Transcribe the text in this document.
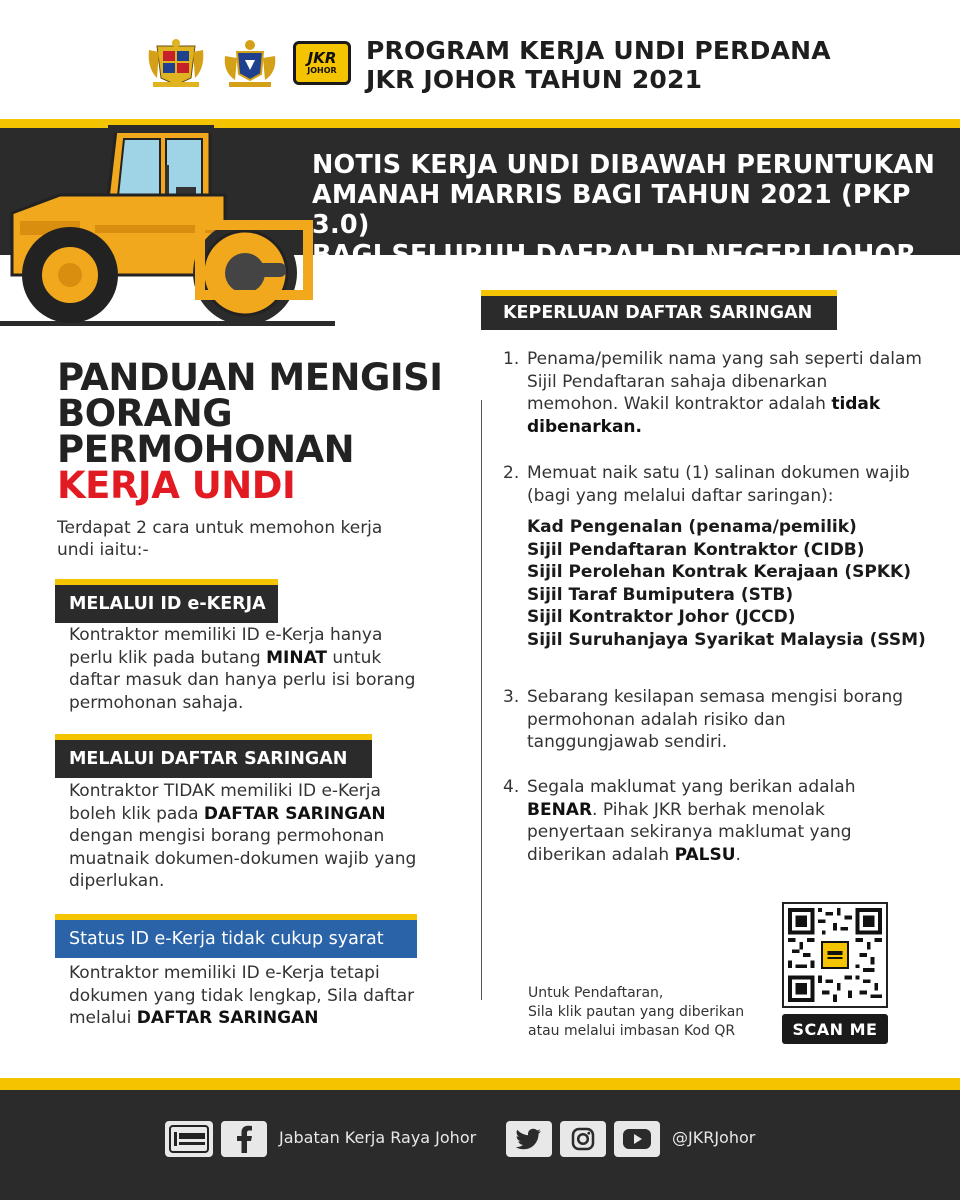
JKR
JOHOR
PROGRAM KERJA UNDI PERDANA
JKR JOHOR TAHUN 2021
NOTIS KERJA UNDI DIBAWAH PERUNTUKAN
AMANAH MARRIS BAGI TAHUN 2021 (PKP 3.0)
BAGI SELURUH DAERAH DI NEGERI JOHOR
PANDUAN MENGISI
BORANG
PERMOHONAN
KERJA UNDI
Terdapat 2 cara untuk memohon kerja undi iaitu:-
MELALUI ID e-KERJA
Kontraktor memiliki ID e-Kerja hanya perlu klik pada butang MINAT untuk daftar masuk dan hanya perlu isi borang permohonan sahaja.
MELALUI DAFTAR SARINGAN
Kontraktor TIDAK memiliki ID e-Kerja boleh klik pada DAFTAR SARINGAN dengan mengisi borang permohonan muatnaik dokumen-dokumen wajib yang diperlukan.
Status ID e-Kerja tidak cukup syarat
Kontraktor memiliki ID e-Kerja tetapi dokumen yang tidak lengkap, Sila daftar melalui DAFTAR SARINGAN
KEPERLUAN DAFTAR SARINGAN
1. Penama/pemilik nama yang sah seperti dalam Sijil Pendaftaran sahaja dibenarkan memohon. Wakil kontraktor adalah tidak dibenarkan.
2. Memuat naik satu (1) salinan dokumen wajib (bagi yang melalui daftar saringan):
Kad Pengenalan (penama/pemilik)
Sijil Pendaftaran Kontraktor (CIDB)
Sijil Perolehan Kontrak Kerajaan (SPKK)
Sijil Taraf Bumiputera (STB)
Sijil Kontraktor Johor (JCCD)
Sijil Suruhanjaya Syarikat Malaysia (SSM)
3. Sebarang kesilapan semasa mengisi borang permohonan adalah risiko dan tanggungjawab sendiri.
4. Segala maklumat yang berikan adalah BENAR. Pihak JKR berhak menolak penyertaan sekiranya maklumat yang diberikan adalah PALSU.
Untuk Pendaftaran,
Sila klik pautan yang diberikan
atau melalui imbasan Kod QR	SCAN ME
Jabatan Kerja Raya Johor	@JKRJohor
